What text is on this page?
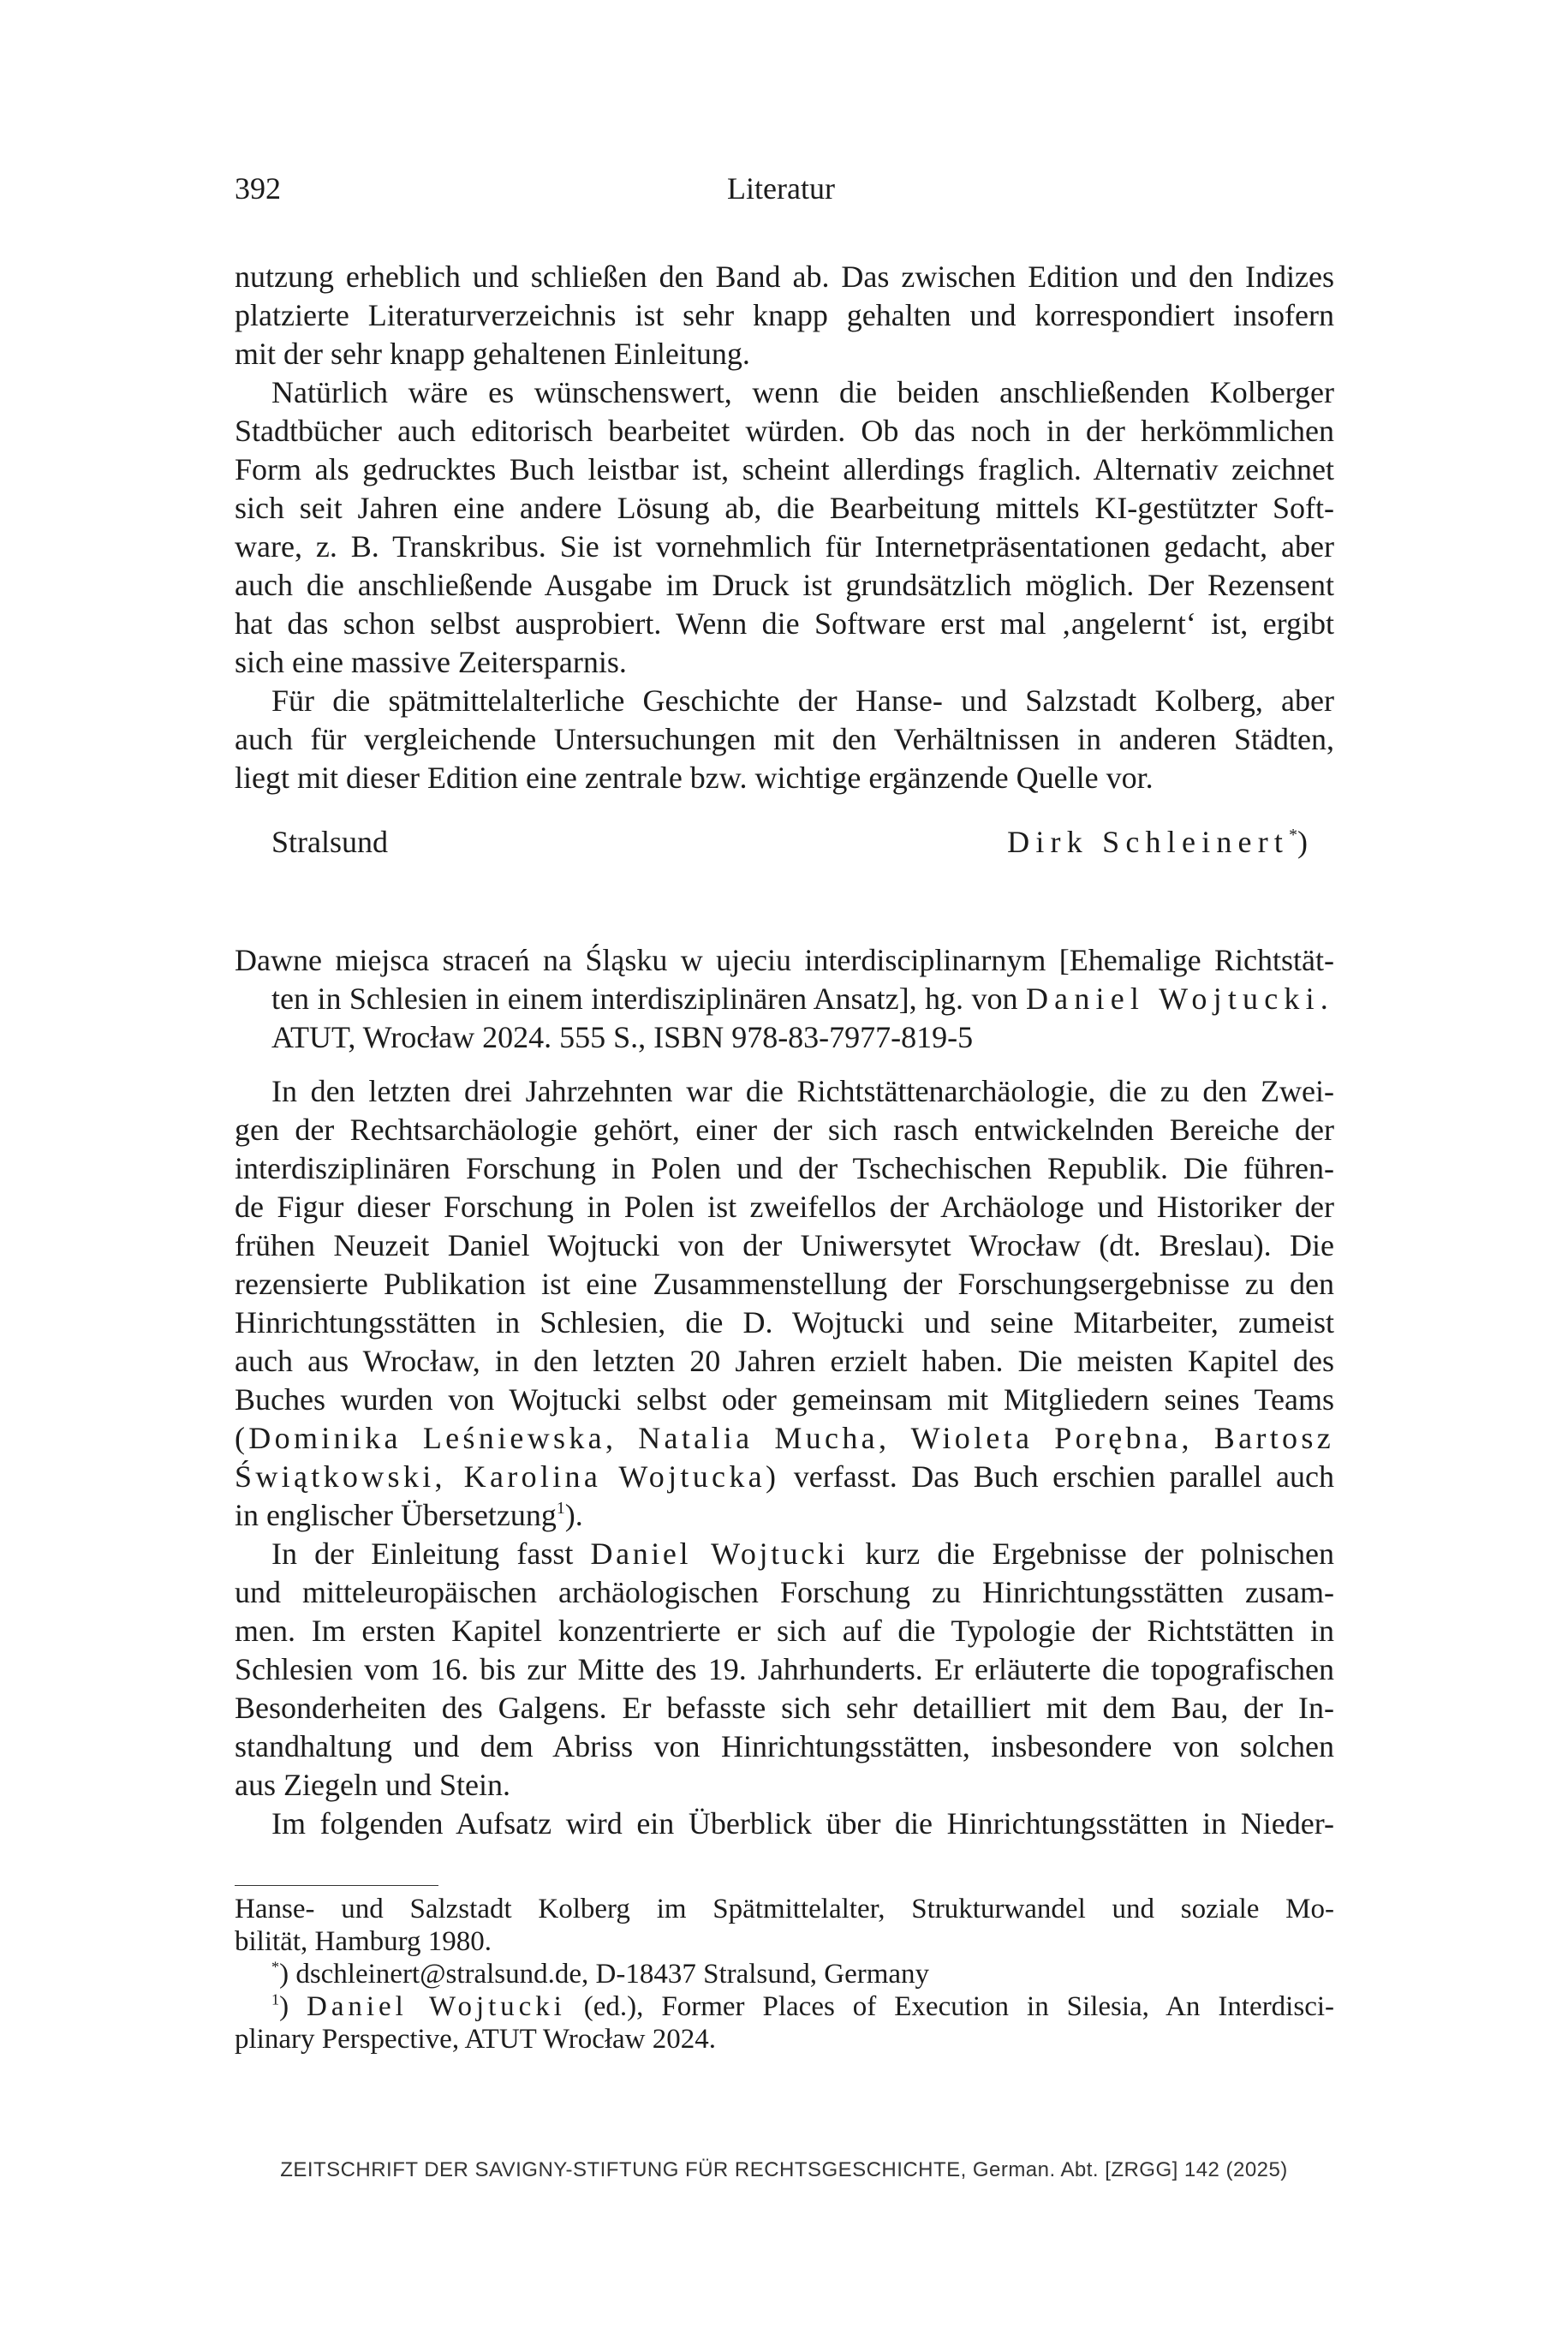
392	Literatur
nutzung erheblich und schließen den Band ab. Das zwischen Edition und den Indizes
platzierte Literaturverzeichnis ist sehr knapp gehalten und korrespondiert insofern
mit der sehr knapp gehaltenen Einleitung.
Natürlich wäre es wünschenswert, wenn die beiden anschließenden Kolberger
Stadtbücher auch editorisch bearbeitet würden. Ob das noch in der herkömmlichen
Form als gedrucktes Buch leistbar ist, scheint allerdings fraglich. Alternativ zeichnet
sich seit Jahren eine andere Lösung ab, die Bearbeitung mittels KI-gestützter Soft-
ware, z. B. Transkribus. Sie ist vornehmlich für Internetpräsentationen gedacht, aber
auch die anschließende Ausgabe im Druck ist grundsätzlich möglich. Der Rezensent
hat das schon selbst ausprobiert. Wenn die Software erst mal ‚angelernt‘ ist, ergibt
sich eine massive Zeitersparnis.
Für die spätmittelalterliche Geschichte der Hanse- und Salzstadt Kolberg, aber
auch für vergleichende Untersuchungen mit den Verhältnissen in anderen Städten,
liegt mit dieser Edition eine zentrale bzw. wichtige ergänzende Quelle vor.
Stralsund	Dirk Schleinert*)
Dawne miejsca straceń na Śląsku w ujeciu interdisciplinarnym [Ehemalige Richtstät-
ten in Schlesien in einem interdisziplinären Ansatz], hg. von Daniel Wojtucki.
ATUT, Wrocław 2024. 555 S., ISBN 978-83-7977-819-5
In den letzten drei Jahrzehnten war die Richtstättenarchäologie, die zu den Zwei-
gen der Rechtsarchäologie gehört, einer der sich rasch entwickelnden Bereiche der
interdisziplinären Forschung in Polen und der Tschechischen Republik. Die führen-
de Figur dieser Forschung in Polen ist zweifellos der Archäologe und Historiker der
frühen Neuzeit Daniel Wojtucki von der Uniwersytet Wrocław (dt. Breslau). Die
rezensierte Publikation ist eine Zusammenstellung der Forschungsergebnisse zu den
Hinrichtungsstätten in Schlesien, die D. Wojtucki und seine Mitarbeiter, zumeist
auch aus Wrocław, in den letzten 20 Jahren erzielt haben. Die meisten Kapitel des
Buches wurden von Wojtucki selbst oder gemeinsam mit Mitgliedern seines Teams
(Dominika Leśniewska, Natalia Mucha, Wioleta Porębna, Bartosz
Świątkowski, Karolina Wojtucka) verfasst. Das Buch erschien parallel auch
in englischer Übersetzung$^1$).
In der Einleitung fasst Daniel Wojtucki kurz die Ergebnisse der polnischen
und mitteleuropäischen archäologischen Forschung zu Hinrichtungsstätten zusam-
men. Im ersten Kapitel konzentrierte er sich auf die Typologie der Richtstätten in
Schlesien vom 16. bis zur Mitte des 19. Jahrhunderts. Er erläuterte die topografischen
Besonderheiten des Galgens. Er befasste sich sehr detailliert mit dem Bau, der In-
standhaltung und dem Abriss von Hinrichtungsstätten, insbesondere von solchen
aus Ziegeln und Stein.
Im folgenden Aufsatz wird ein Überblick über die Hinrichtungsstätten in Nieder-
Hanse- und Salzstadt Kolberg im Spätmittelalter, Strukturwandel und soziale Mo-
bilität, Hamburg 1980.
*) dschleinert@stralsund.de, D-18437 Stralsund, Germany
$^1$) Daniel Wojtucki (ed.), Former Places of Execution in Silesia, An Interdisci-
plinary Perspective, ATUT Wrocław 2024.
ZEITSCHRIFT DER SAVIGNY-STIFTUNG FÜR RECHTSGESCHICHTE, German. Abt. [ZRGG] 142 (2025)
